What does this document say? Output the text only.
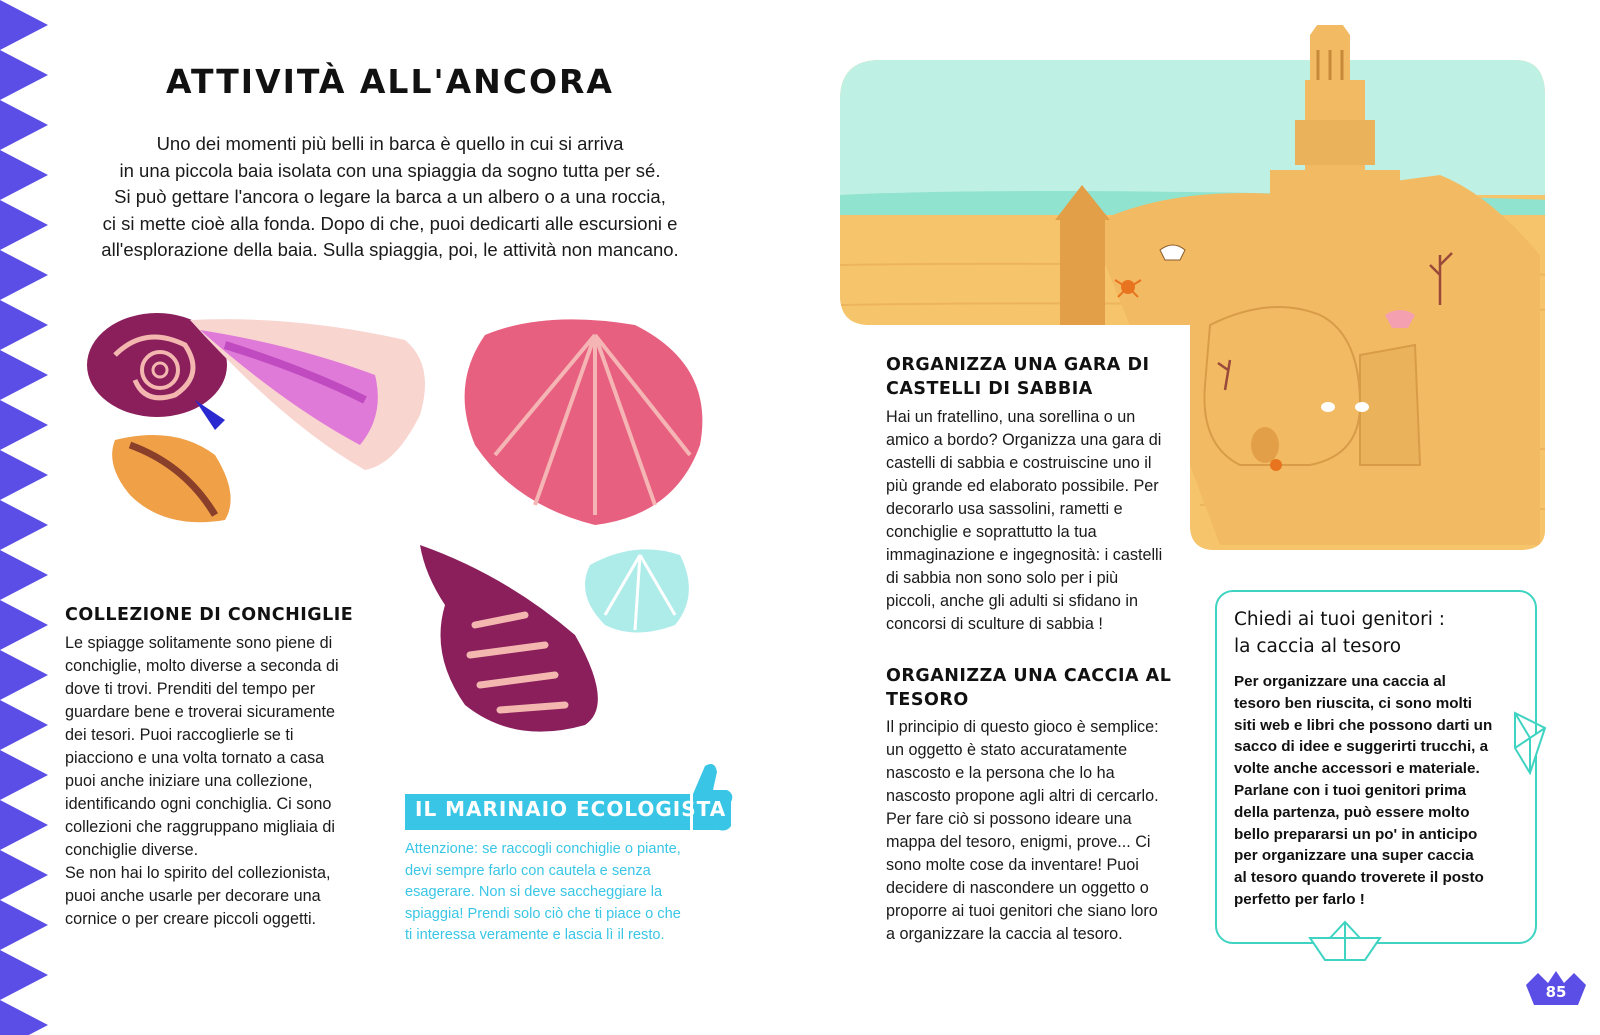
ATTIVITÀ ALL'ANCORA
Uno dei momenti più belli in barca è quello in cui si arriva
in una piccola baia isolata con una spiaggia da sogno tutta per sé.
Si può gettare l'ancora o legare la barca a un albero o a una roccia,
ci si mette cioè alla fonda. Dopo di che, puoi dedicarti alle escursioni e
all'esplorazione della baia. Sulla spiaggia, poi, le attività non mancano.
COLLEZIONE DI CONCHIGLIE
Le spiagge solitamente sono piene di
conchiglie, molto diverse a seconda di
dove ti trovi. Prenditi del tempo per
guardare bene e troverai sicuramente
dei tesori. Puoi raccoglierle se ti
piacciono e una volta tornato a casa
puoi anche iniziare una collezione,
identificando ogni conchiglia. Ci sono
collezioni che raggruppano migliaia di
conchiglie diverse.
Se non hai lo spirito del collezionista,
puoi anche usarle per decorare una
cornice o per creare piccoli oggetti.
IL MARINAIO ECOLOGISTA
Attenzione: se raccogli conchiglie o piante,
devi sempre farlo con cautela e senza
esagerare. Non si deve saccheggiare la
spiaggia! Prendi solo ciò che ti piace o che
ti interessa veramente e lascia lì il resto.
ORGANIZZA UNA GARA DI
CASTELLI DI SABBIA
Hai un fratellino, una sorellina o un
amico a bordo? Organizza una gara di
castelli di sabbia e costruiscine uno il
più grande ed elaborato possibile. Per
decorarlo usa sassolini, rametti e
conchiglie e soprattutto la tua
immaginazione e ingegnosità: i castelli
di sabbia non sono solo per i più
piccoli, anche gli adulti si sfidano in
concorsi di sculture di sabbia !
ORGANIZZA UNA CACCIA AL
TESORO
Il principio di questo gioco è semplice:
un oggetto è stato accuratamente
nascosto e la persona che lo ha
nascosto propone agli altri di cercarlo.
Per fare ciò si possono ideare una
mappa del tesoro, enigmi, prove... Ci
sono molte cose da inventare! Puoi
decidere di nascondere un oggetto o
proporre ai tuoi genitori che siano loro
a organizzare la caccia al tesoro.
Chiedi ai tuoi genitori :
la caccia al tesoro
Per organizzare una caccia al
tesoro ben riuscita, ci sono molti
siti web e libri che possono darti un
sacco di idee e suggerirti trucchi, a
volte anche accessori e materiale.
Parlane con i tuoi genitori prima
della partenza, può essere molto
bello prepararsi un po' in anticipo
per organizzare una super caccia
al tesoro quando troverete il posto
perfetto per farlo !
85
